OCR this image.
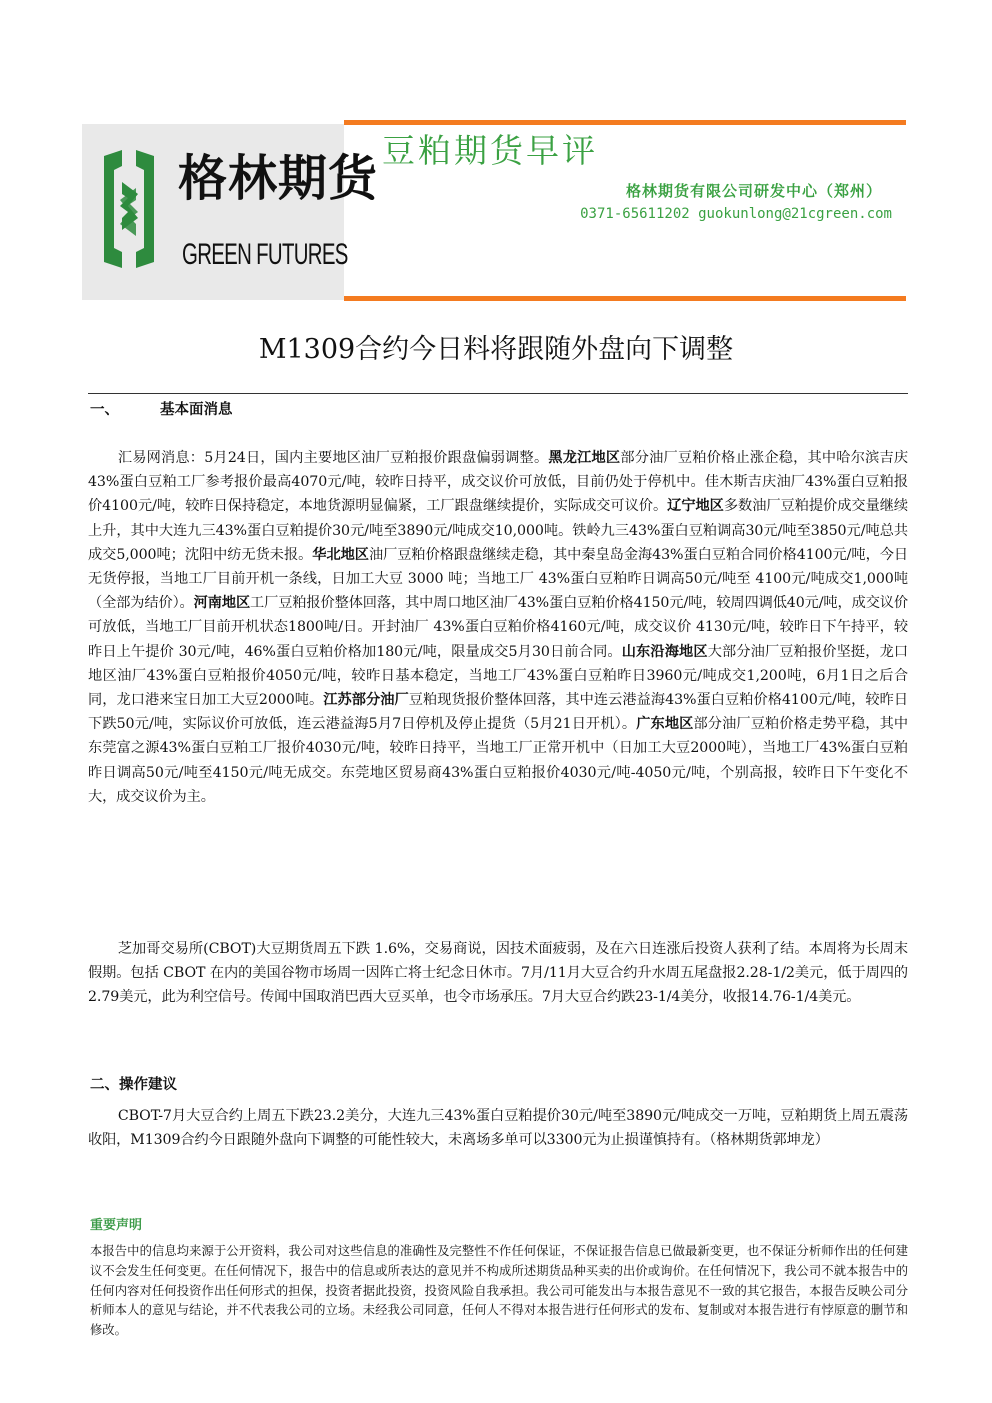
格林期货
GREEN FUTURES
豆粕期货早评
格林期货有限公司研发中心（郑州）
0371-65611202 guokunlong@21cgreen.com
M1309合约今日料将跟随外盘向下调整
一、	基本面消息

汇易网消息：5月24日，国内主要地区油厂豆粕报价跟盘偏弱调整。黑龙江地区部分油厂豆粕价格止涨企稳，其中哈尔滨吉庆43%蛋白豆粕工厂参考报价最高4070元/吨，较昨日持平，成交议价可放低，目前仍处于停机中。佳木斯吉庆油厂43%蛋白豆粕报价4100元/吨，较昨日保持稳定，本地货源明显偏紧，工厂跟盘继续提价，实际成交可议价。辽宁地区多数油厂豆粕提价成交量继续上升，其中大连九三43%蛋白豆粕提价30元/吨至3890元/吨成交10,000吨。铁岭九三43%蛋白豆粕调高30元/吨至3850元/吨总共成交5,000吨；沈阳中纺无货未报。华北地区油厂豆粕价格跟盘继续走稳，其中秦皇岛金海43%蛋白豆粕合同价格4100元/吨，今日无货停报，当地工厂目前开机一条线，日加工大豆 3000 吨；当地工厂 43%蛋白豆粕昨日调高50元/吨至 4100元/吨成交1,000吨（全部为结价）。河南地区工厂豆粕报价整体回落，其中周口地区油厂43%蛋白豆粕价格4150元/吨，较周四调低40元/吨，成交议价可放低，当地工厂目前开机状态1800吨/日。开封油厂 43%蛋白豆粕价格4160元/吨，成交议价 4130元/吨，较昨日下午持平，较昨日上午提价 30元/吨，46%蛋白豆粕价格加180元/吨，限量成交5月30日前合同。山东沿海地区大部分油厂豆粕报价坚挺，龙口地区油厂43%蛋白豆粕报价4050元/吨，较昨日基本稳定，当地工厂43%蛋白豆粕昨日3960元/吨成交1,200吨，6月1日之后合同，龙口港来宝日加工大豆2000吨。江苏部分油厂豆粕现货报价整体回落，其中连云港益海43%蛋白豆粕价格4100元/吨，较昨日下跌50元/吨，实际议价可放低，连云港益海5月7日停机及停止提货（5月21日开机）。广东地区部分油厂豆粕价格走势平稳，其中东莞富之源43%蛋白豆粕工厂报价4030元/吨，较昨日持平，当地工厂正常开机中（日加工大豆2000吨），当地工厂43%蛋白豆粕昨日调高50元/吨至4150元/吨无成交。东莞地区贸易商43%蛋白豆粕报价4030元/吨-4050元/吨，个别高报，较昨日下午变化不大，成交议价为主。

芝加哥交易所(CBOT)大豆期货周五下跌 1.6%，交易商说，因技术面疲弱，及在六日连涨后投资人获利了结。本周将为长周末假期。包括 CBOT 在内的美国谷物市场周一因阵亡将士纪念日休市。7月/11月大豆合约升水周五尾盘报2.28-1/2美元，低于周四的2.79美元，此为利空信号。传闻中国取消巴西大豆买单，也令市场承压。7月大豆合约跌23-1/4美分，收报14.76-1/4美元。

二、操作建议

CBOT-7月大豆合约上周五下跌23.2美分，大连九三43%蛋白豆粕提价30元/吨至3890元/吨成交一万吨，豆粕期货上周五震荡收阳，M1309合约今日跟随外盘向下调整的可能性较大，未离场多单可以3300元为止损谨慎持有。（格林期货郭坤龙）

重要声明

本报告中的信息均来源于公开资料，我公司对这些信息的准确性及完整性不作任何保证，不保证报告信息已做最新变更，也不保证分析师作出的任何建议不会发生任何变更。在任何情况下，报告中的信息或所表达的意见并不构成所述期货品种买卖的出价或询价。在任何情况下，我公司不就本报告中的任何内容对任何投资作出任何形式的担保，投资者据此投资，投资风险自我承担。我公司可能发出与本报告意见不一致的其它报告，本报告反映公司分析师本人的意见与结论，并不代表我公司的立场。未经我公司同意，任何人不得对本报告进行任何形式的发布、复制或对本报告进行有悖原意的删节和修改。
